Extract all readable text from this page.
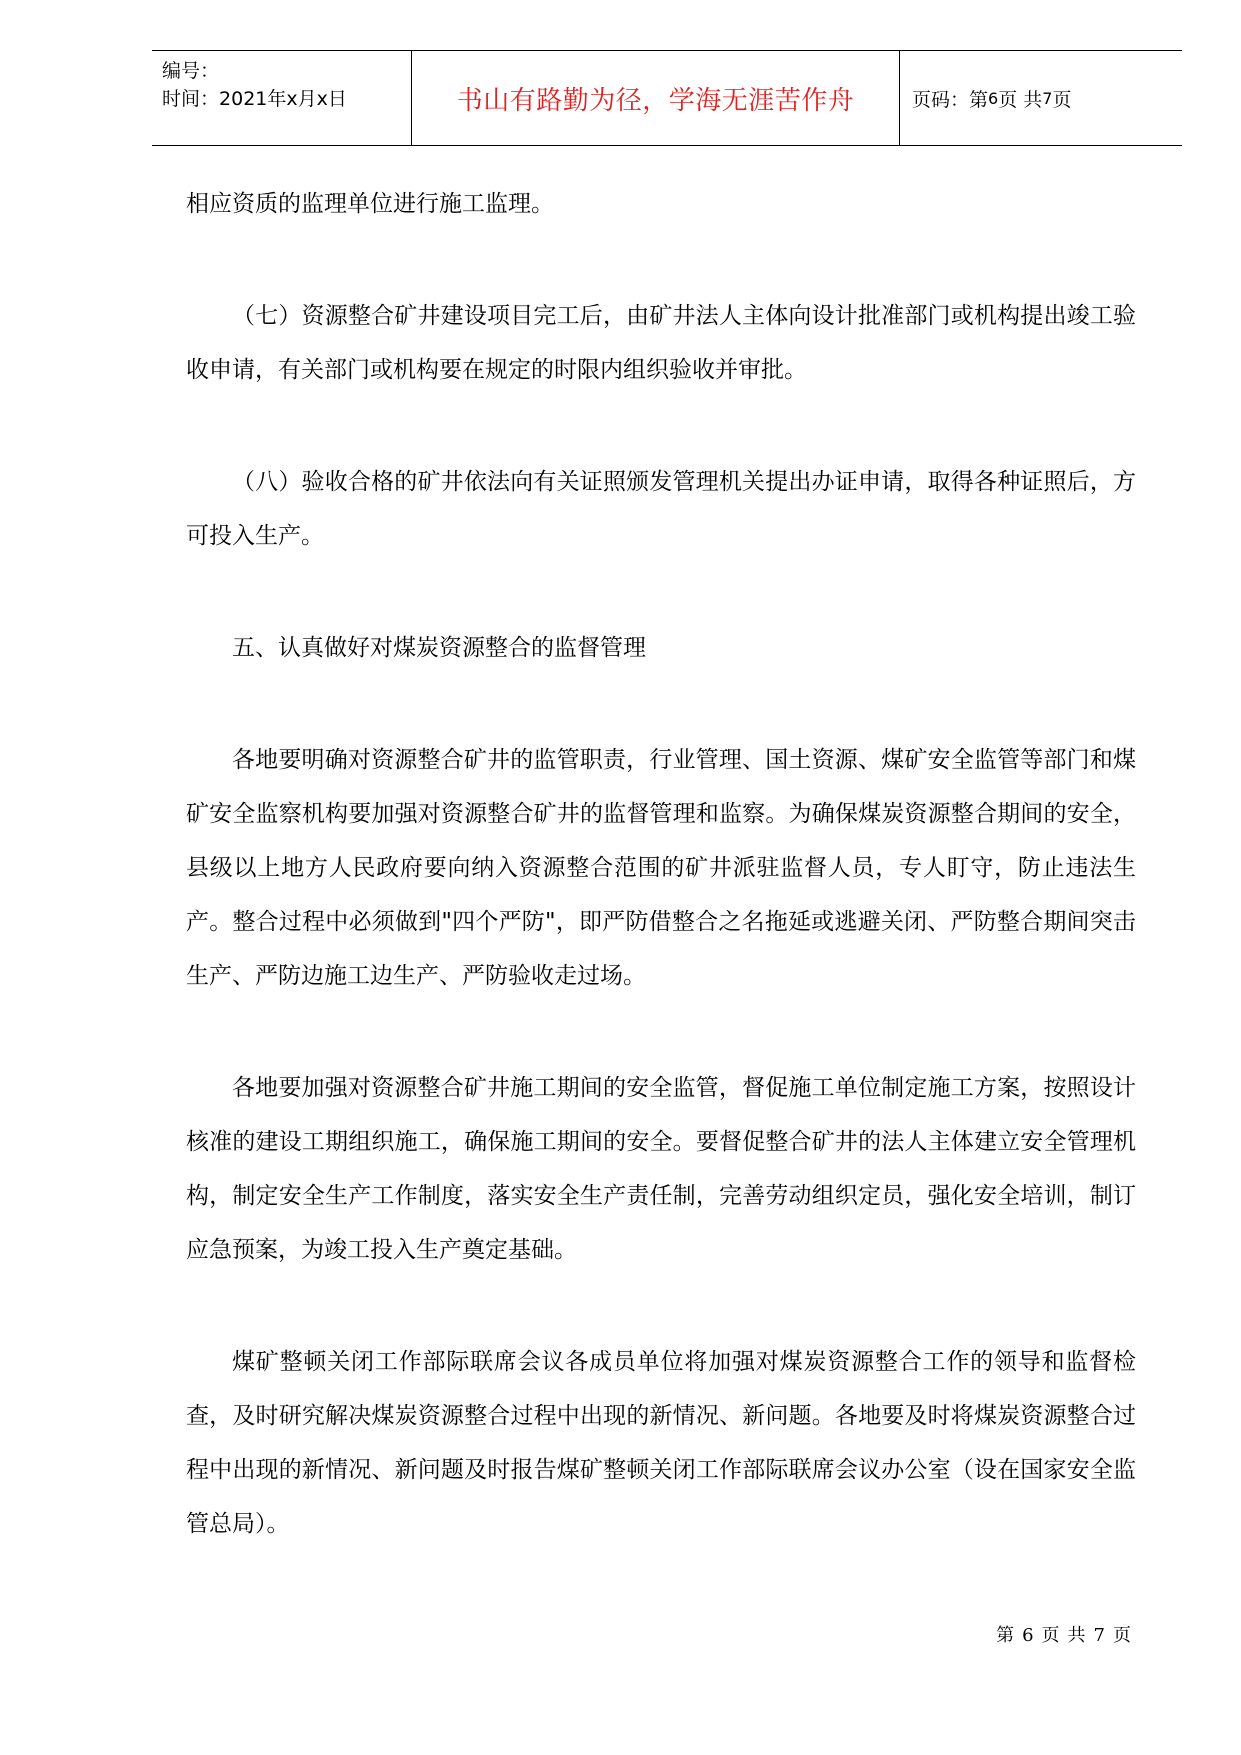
编号：
时间：2021年x月x日	书山有路勤为径，学海无涯苦作舟	页码： 第 6 页 共 7 页

相应资质的监理单位进行施工监理。

（七）资源整合矿井建设项目完工后，由矿井法人主体向设计批准部门或机构提出竣工验收申请，有关部门或机构要在规定的时限内组织验收并审批。

（八）验收合格的矿井依法向有关证照颁发管理机关提出办证申请，取得各种证照后，方可投入生产。

五、认真做好对煤炭资源整合的监督管理

各地要明确对资源整合矿井的监管职责，行业管理、国土资源、煤矿安全监管等部门和煤矿安全监察机构要加强对资源整合矿井的监督管理和监察。为确保煤炭资源整合期间的安全，县级以上地方人民政府要向纳入资源整合范围的矿井派驻监督人员，专人盯守，防止违法生产。整合过程中必须做到"四个严防"，即严防借整合之名拖延或逃避关闭、严防整合期间突击生产、严防边施工边生产、严防验收走过场。

各地要加强对资源整合矿井施工期间的安全监管，督促施工单位制定施工方案，按照设计核准的建设工期组织施工，确保施工期间的安全。要督促整合矿井的法人主体建立安全管理机构，制定安全生产工作制度，落实安全生产责任制，完善劳动组织定员，强化安全培训，制订应急预案，为竣工投入生产奠定基础。

煤矿整顿关闭工作部际联席会议各成员单位将加强对煤炭资源整合工作的领导和监督检查，及时研究解决煤炭资源整合过程中出现的新情况、新问题。各地要及时将煤炭资源整合过程中出现的新情况、新问题及时报告煤矿整顿关闭工作部际联席会议办公室（设在国家安全监管总局）。

第 6 页 共 7 页
